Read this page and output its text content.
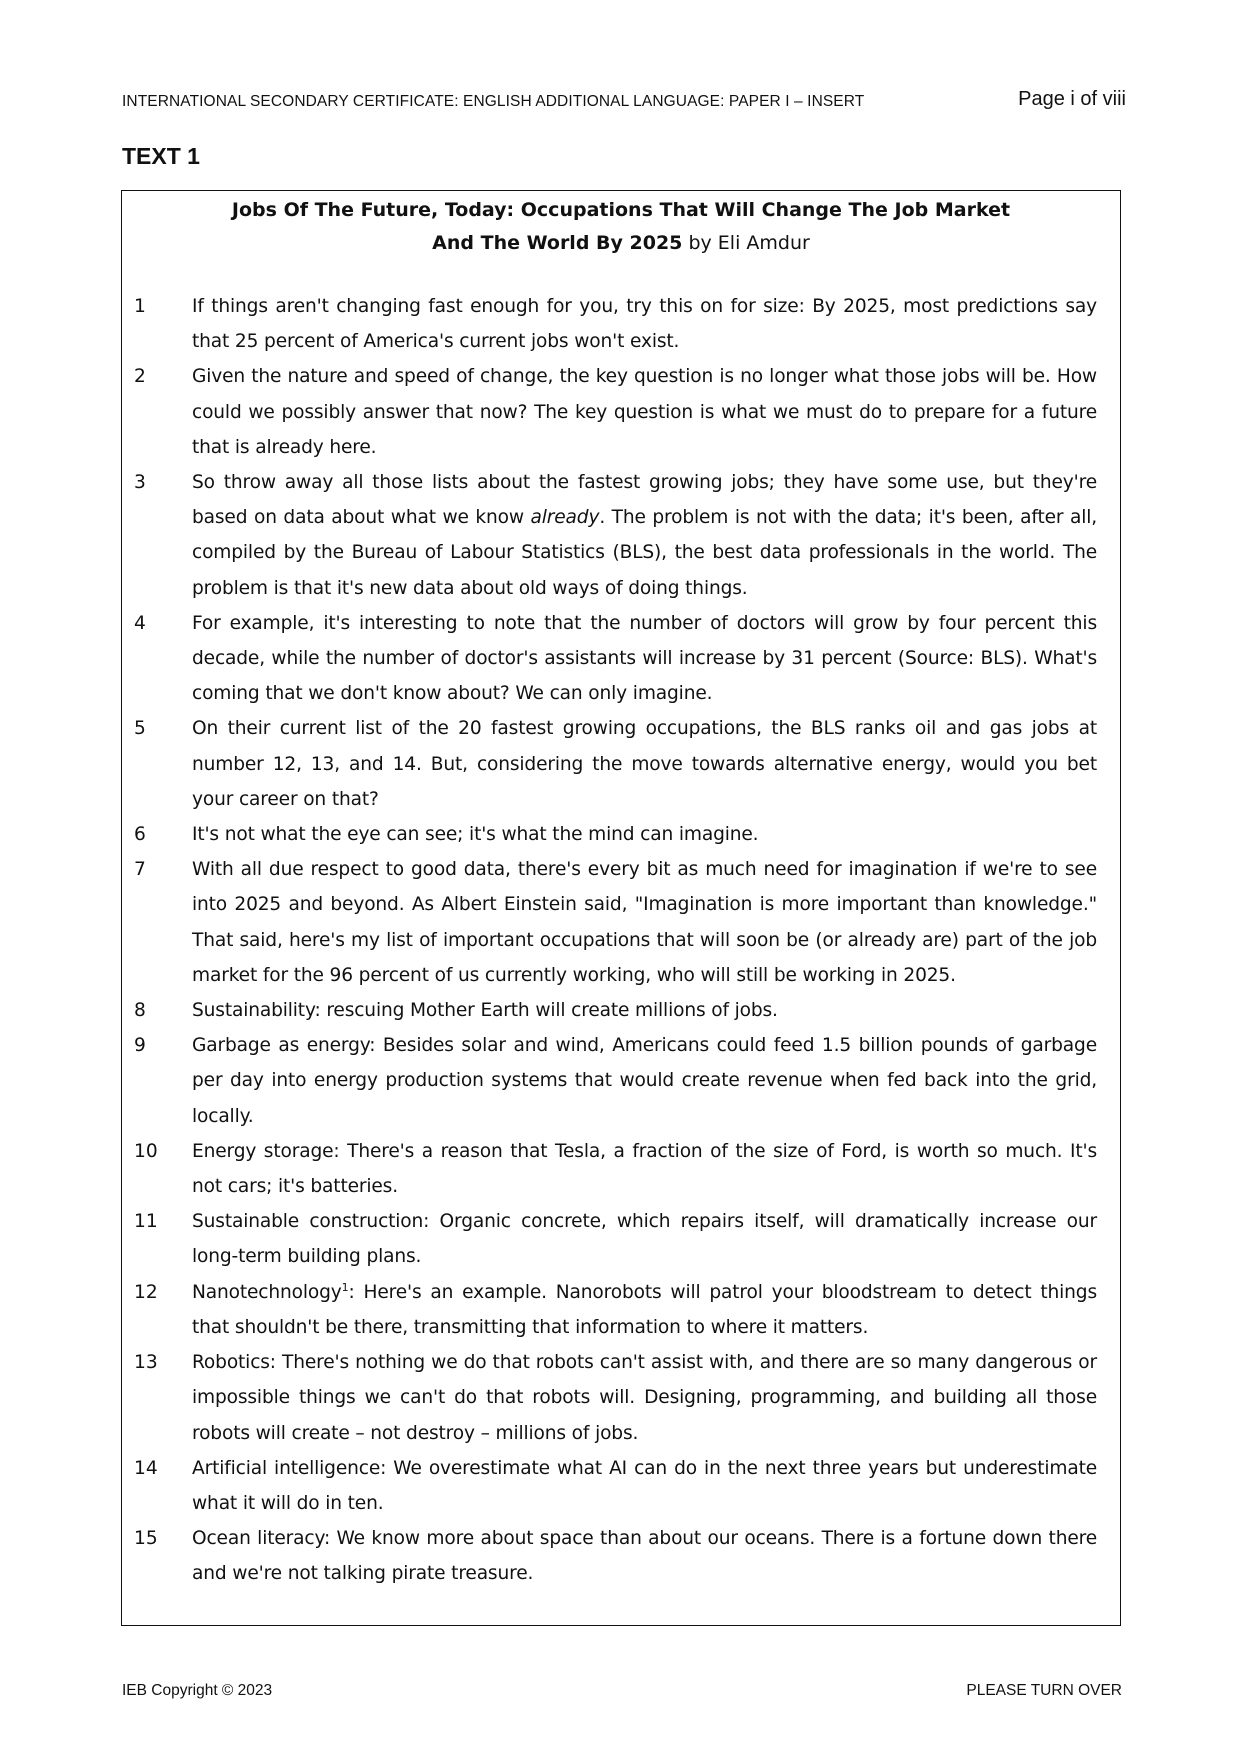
INTERNATIONAL SECONDARY CERTIFICATE: ENGLISH ADDITIONAL LANGUAGE: PAPER I – INSERT	Page i of viii
TEXT 1
Jobs Of The Future, Today: Occupations That Will Change The Job Market
And The World By 2025 by Eli Amdur
1	If things aren't changing fast enough for you, try this on for size: By 2025, most predictions say that 25 percent of America's current jobs won't exist.
2	Given the nature and speed of change, the key question is no longer what those jobs will be. How could we possibly answer that now? The key question is what we must do to prepare for a future that is already here.
3	So throw away all those lists about the fastest growing jobs; they have some use, but they're based on data about what we know already. The problem is not with the data; it's been, after all, compiled by the Bureau of Labour Statistics (BLS), the best data professionals in the world. The problem is that it's new data about old ways of doing things.
4	For example, it's interesting to note that the number of doctors will grow by four percent this decade, while the number of doctor's assistants will increase by 31 percent (Source: BLS). What's coming that we don't know about? We can only imagine.
5	On their current list of the 20 fastest growing occupations, the BLS ranks oil and gas jobs at number 12, 13, and 14. But, considering the move towards alternative energy, would you bet your career on that?
6	It's not what the eye can see; it's what the mind can imagine.
7	With all due respect to good data, there's every bit as much need for imagination if we're to see into 2025 and beyond. As Albert Einstein said, "Imagination is more important than knowledge." That said, here's my list of important occupations that will soon be (or already are) part of the job market for the 96 percent of us currently working, who will still be working in 2025.
8	Sustainability: rescuing Mother Earth will create millions of jobs.
9	Garbage as energy: Besides solar and wind, Americans could feed 1.5 billion pounds of garbage per day into energy production systems that would create revenue when fed back into the grid, locally.
10	Energy storage: There's a reason that Tesla, a fraction of the size of Ford, is worth so much. It's not cars; it's batteries.
11	Sustainable construction: Organic concrete, which repairs itself, will dramatically increase our long-term building plans.
12	Nanotechnology$^1$: Here's an example. Nanorobots will patrol your bloodstream to detect things that shouldn't be there, transmitting that information to where it matters.
13	Robotics: There's nothing we do that robots can't assist with, and there are so many dangerous or impossible things we can't do that robots will. Designing, programming, and building all those robots will create – not destroy – millions of jobs.
14	Artificial intelligence: We overestimate what AI can do in the next three years but underestimate what it will do in ten.
15	Ocean literacy: We know more about space than about our oceans. There is a fortune down there and we're not talking pirate treasure.
IEB Copyright © 2023	PLEASE TURN OVER
